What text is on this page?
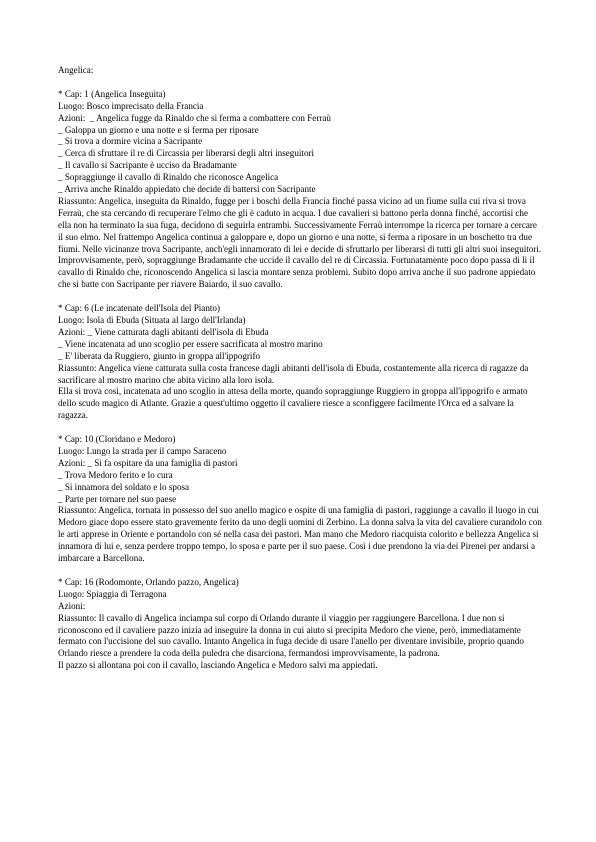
Angelica:
* Cap: 1 (Angelica Inseguita)
Luogo: Bosco imprecisato della Francia
Azioni:  _ Angelica fugge da Rinaldo che si ferma a combattere con Ferraù
_ Galoppa un giorno e una notte e si ferma per riposare
_ Si trova a dormire vicina a Sacripante
_ Cerca di sfruttare il re di Circassia per liberarsi degli altri inseguitori
_ Il cavallo si Sacripante è ucciso da Bradamante
_ Sopraggiunge il cavallo di Rinaldo che riconosce Angelica
_ Arriva anche Rinaldo appiedato che decide di battersi con Sacripante
Riassunto: Angelica, inseguita da Rinaldo, fugge per i boschi della Francia finché passa vicino ad un fiume sulla cui riva si trova Ferraù, che sta cercando di recuperare l'elmo che gli è caduto in acqua. I due cavalieri si battono perla donna finché, accortisi che ella non ha terminato la sua fuga, decidono di seguirla entrambi. Successivamente Ferraù interrompe la ricerca per tornare a cercare il suo elmo. Nel frattempo Angelica continua a galoppare e, dopo un giorno e una notte, si ferma a riposare in un boschetto tra due fiumi. Nelle vicinanze trova Sacripante, anch'egli innamorato di lei e decide di sfruttarlo per liberarsi di tutti gli altri suoi inseguitori. Improvvisamente, però, sopraggiunge Bradamante che uccide il cavallo del re di Circassia. Fortunatamente poco dopo passa di lì il cavallo di Rinaldo che, riconoscendo Angelica si lascia montare senza problemi. Subito dopo arriva anche il suo padrone appiedato che si batte con Sacripante per riavere Baiardo, il suo cavallo.
* Cap: 6 (Le incatenate dell'Isola del Pianto)
Luogo: Isola di Ebuda (Situata al largo dell'Irlanda)
Azioni: _ Viene catturata dagli abitanti dell'isola di Ebuda
_ Viene incatenata ad uno scoglio per essere sacrificata al mostro marino
_ E' liberata da Ruggiero, giunto in groppa all'ippogrifo
Riassunto: Angelica viene catturata sulla costa francese dagli abitanti dell'isola di Ebuda, costantemente alla ricerca di ragazze da sacrificare al mostro marino che abita vicino alla loro isola.
Ella si trova così, incatenata ad uno scoglio in attesa della morte, quando sopraggiunge Ruggiero in groppa all'ippogrifo e armato dello scudo magico di Atlante. Grazie a quest'ultimo oggetto il cavaliere riesce a sconfiggere facilmente l'Orca ed a salvare la ragazza.
* Cap: 10 (Cloridano e Medoro)
Luogo: Lungo la strada per il campo Saraceno
Azioni: _ Si fa ospitare da una famiglia di pastori
_ Trova Medoro ferito e lo cura
_ Si innamora del soldato e lo sposa
_ Parte per tornare nel suo paese
Riassunto: Angelica, tornata in possesso del suo anello magico e ospite di una famiglia di pastori, raggiunge a cavallo il luogo in cui Medoro giace dopo essere stato gravemente ferito da uno degli uomini di Zerbino. La donna salva la vita del cavaliere curandolo con le arti apprese in Oriente e portandolo con sé nella casa dei pastori. Man mano che Medoro riacquista colorito e bellezza Angelica si innamora di lui e, senza perdere troppo tempo, lo sposa e parte per il suo paese. Così i due prendono la via dei Pirenei per andarsi a imbarcare a Barcellona.
* Cap: 16 (Rodomonte, Orlando pazzo, Angelica)
Luogo: Spiaggia di Terragona
Azioni:
Riassunto: Il cavallo di Angelica inciampa sul corpo di Orlando durante il viaggio per raggiungere Barcellona. I due non si riconoscono ed il cavaliere pazzo inizia ad inseguire la donna in cui aiuto si precipita Medoro che viene, però, immediatamente fermato con l'uccisione del suo cavallo. Intanto Angelica in fuga decide di usare l'anello per diventare invisibile, proprio quando Orlando riesce a prendere la coda della puledra che disarciona, fermandosi improvvisamente, la padrona.
Il pazzo si allontana poi con il cavallo, lasciando Angelica e Medoro salvi ma appiedati.
